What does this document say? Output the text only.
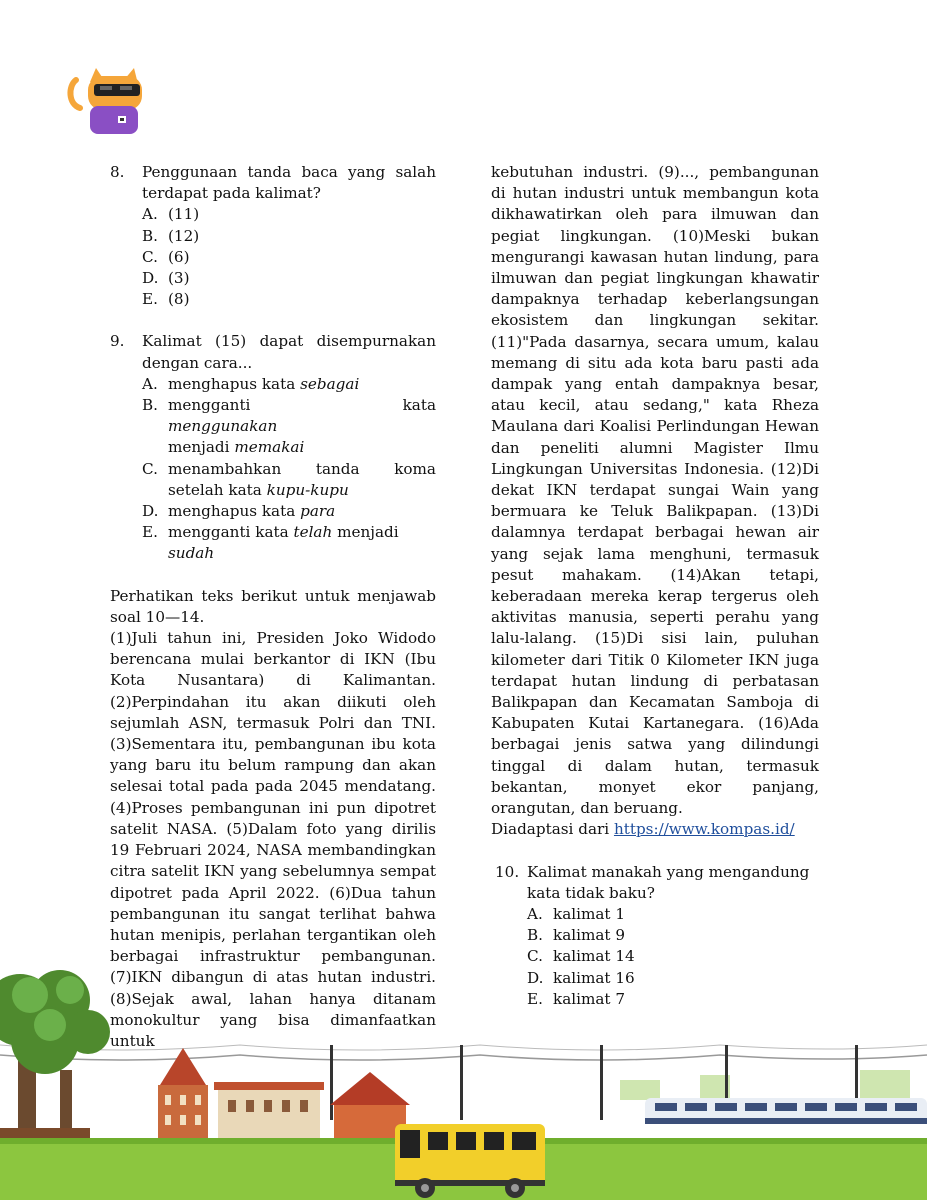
8.	Penggunaan tanda baca yang salah terdapat pada kalimat?

A. (11)
B. (12)
C. (6)
D. (3)
E. (8)
9.	Kalimat (15) dapat disempurnakan dengan cara...

A. menghapus kata sebagai
B. mengganti kata menggunakan
menjadi memakai
C. menambahkan tanda koma setelah kata kupu-kupu
D. menghapus kata para
E. mengganti kata telah menjadi sudah

Perhatikan teks berikut untuk menjawab soal 10—14.

(1)Juli tahun ini, Presiden Joko Widodo berencana mulai berkantor di IKN (Ibu Kota Nusantara) di Kalimantan. (2)Perpindahan itu akan diikuti oleh sejumlah ASN, termasuk Polri dan TNI. (3)Sementara itu, pembangunan ibu kota yang baru itu belum rampung dan akan selesai total pada pada 2045 mendatang. (4)Proses pembangunan ini pun dipotret satelit NASA. (5)Dalam foto yang dirilis 19 Februari 2024, NASA membandingkan citra satelit IKN yang sebelumnya sempat dipotret pada April 2022. (6)Dua tahun pembangunan itu sangat terlihat bahwa hutan menipis, perlahan tergantikan oleh berbagai infrastruktur pembangunan. (7)IKN dibangun di atas hutan industri. (8)Sejak awal, lahan hanya ditanam monokultur yang bisa dimanfaatkan untuk

kebutuhan industri. (9)..., pembangunan di hutan industri untuk membangun kota dikhawatirkan oleh para ilmuwan dan pegiat lingkungan. (10)Meski bukan mengurangi kawasan hutan lindung, para ilmuwan dan pegiat lingkungan khawatir dampaknya terhadap keberlangsungan ekosistem dan lingkungan sekitar. (11)"Pada dasarnya, secara umum, kalau memang di situ ada kota baru pasti ada dampak yang entah dampaknya besar, atau kecil, atau sedang," kata Rheza Maulana dari Koalisi Perlindungan Hewan dan peneliti alumni Magister Ilmu Lingkungan Universitas Indonesia. (12)Di dekat IKN terdapat sungai Wain yang bermuara ke Teluk Balikpapan. (13)Di dalamnya terdapat berbagai hewan air yang sejak lama menghuni, termasuk pesut mahakam. (14)Akan tetapi, keberadaan mereka kerap tergerus oleh aktivitas manusia, seperti perahu yang lalu-lalang. (15)Di sisi lain, puluhan kilometer dari Titik 0 Kilometer IKN juga terdapat hutan lindung di perbatasan Balikpapan dan Kecamatan Samboja di Kabupaten Kutai Kartanegara. (16)Ada berbagai jenis satwa yang dilindungi tinggal di dalam hutan, termasuk bekantan, monyet ekor panjang, orangutan, dan beruang.

Diadaptasi dari https://www.kompas.id/

10. Kalimat manakah yang mengandung kata tidak baku?

A. kalimat 1
B. kalimat 9
C. kalimat 14
D. kalimat 16
E. kalimat 7
